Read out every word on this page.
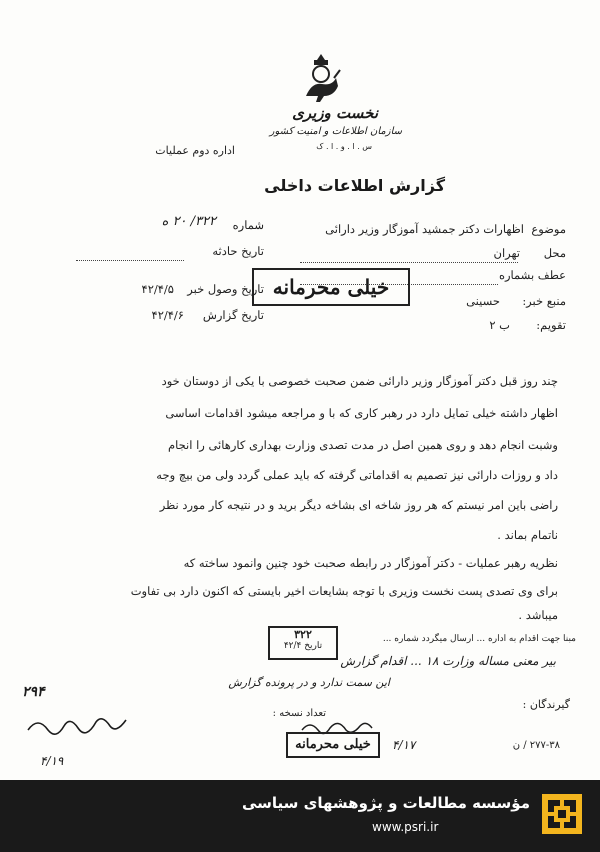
نخست وزیری
سازمان اطلاعات و امنیت کشور
س . ا . و . ا . ک
اداره دوم عملیات
گزارش اطلاعات داخلی
موضوع
اظهارات دکتر جمشید آموزگار وزیر دارائی
محل
تهران
عطف بشماره
منبع خبر:
حسینی
تقویم:
ب ۲
شماره
۳۲۲/ ۲۰ ه
تاریخ حادثه
تاریخ وصول خبر
۴۲/۴/۵
تاریخ گزارش
۴۲/۴/۶
خیلی محرمانه
چند روز قبل دکتر آموزگار وزیر دارائی ضمن صحبت خصوصی با یکی از دوستان خود
اظهار داشته خیلی تمایل دارد در رهبر کاری که با و مراجعه میشود اقدامات اساسی
وشبت انجام دهد و روی همین اصل در مدت تصدی وزارت بهداری کارهائی را انجام
داد و روزات دارائی نیز تصمیم به اقداماتی گرفته که باید عملی گردد ولی من بیچ وجه
راضی باین امر نیستم که هر روز شاخه ای بشاخه دیگر برید و در نتیجه کار مورد نظر
ناتمام بماند .
نظریه رهبر عملیات - دکتر آموزگار در رابطه صحبت خود چنین وانمود ساخته که
برای وی تصدی پست نخست وزیری با توجه بشایعات اخیر بایستی که اکنون دارد بی تفاوت
میباشد .
مبنا جهت اقدام به اداره ... ارسال میگردد شماره ...
۳۲۲
تاریخ ۴۲/۴
بیر معنی مساله وزارت ۱۸ ... اقدام گزارش
این سمت ندارد و در پرونده گزارش
۲۹۴
تعداد نسخه :
گیرندگان :
۲۷۷-۳۸ / ن
۴/۱۹
۴/۱۷
خیلی محرمانه
مؤسسه مطالعات و پژوهشهای سیاسی
www.psri.ir
